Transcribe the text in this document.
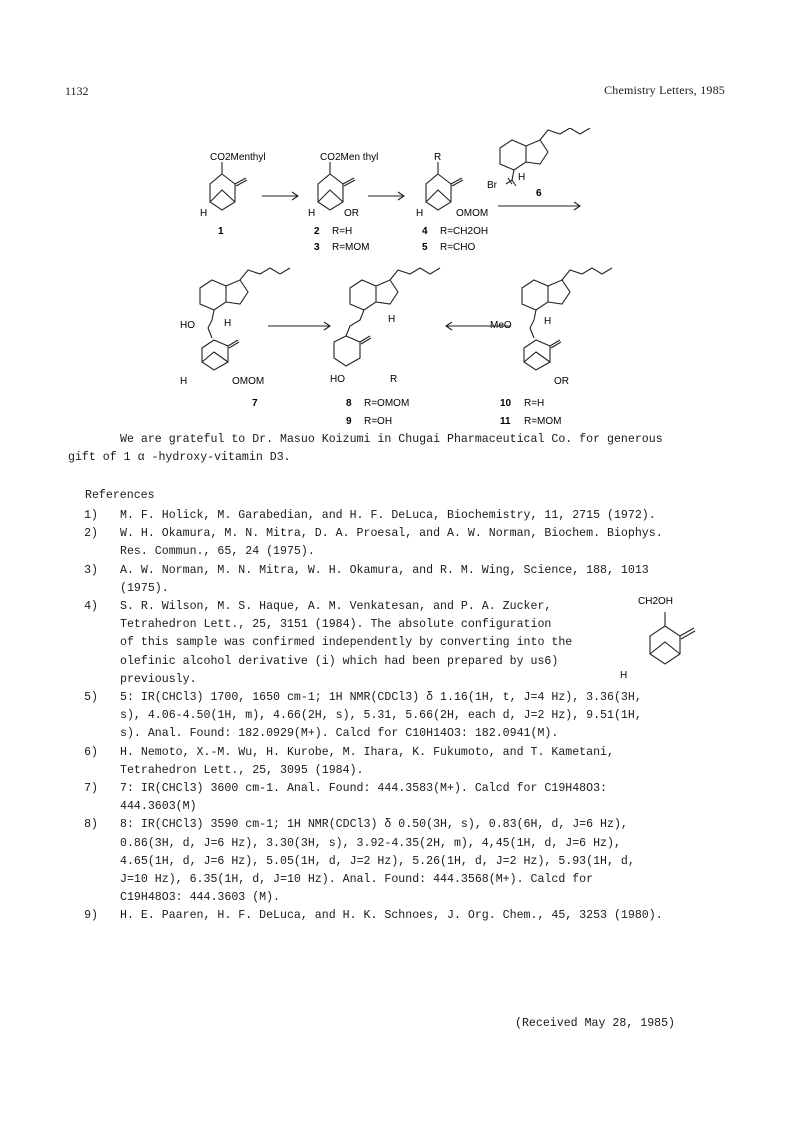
1132	Chemistry Letters, 1985
CO2Menthyl	CO2Men thyl	R
H	H	OR	H	OMOM
Br
H
1	2 R=H
3 R=MOM
4 R=CH2OH
5 R=CHO
6
HO	H
H	OMOM
7
H
HO	R
8 R=OMOM
9 R=OH
MeO	H
OR
10 R=H
11 R=MOM
We are grateful to Dr. Masuo Koizumi in Chugai Pharmaceutical Co. for generous
gift of 1 α -hydroxy-vitamin D3.
References
1) M. F. Holick, M. Garabedian, and H. F. DeLuca, Biochemistry, 11, 2715 (1972).
2) W. H. Okamura, M. N. Mitra, D. A. Proesal, and A. W. Norman, Biochem. Biophys.
Res. Commun., 65, 24 (1975).
3) A. W. Norman, M. N. Mitra, W. H. Okamura, and R. M. Wing, Science, 188, 1013
(1975).
4) S. R. Wilson, M. S. Haque, A. M. Venkatesan, and P. A. Zucker,
Tetrahedron Lett., 25, 3151 (1984). The absolute configuration
of this sample was confirmed independently by converting into the
olefinic alcohol derivative (i) which had been prepared by us6)
previously.
5) 5: IR(CHCl3) 1700, 1650 cm-1; 1H NMR(CDCl3) δ 1.16(1H, t, J=4 Hz), 3.36(3H,
s), 4.06-4.50(1H, m), 4.66(2H, s), 5.31, 5.66(2H, each d, J=2 Hz), 9.51(1H,
s). Anal. Found: 182.0929(M+). Calcd for C10H14O3: 182.0941(M).
6) H. Nemoto, X.-M. Wu, H. Kurobe, M. Ihara, K. Fukumoto, and T. Kametani,
Tetrahedron Lett., 25, 3095 (1984).
7) 7: IR(CHCl3) 3600 cm-1. Anal. Found: 444.3583(M+). Calcd for C19H48O3:
444.3603(M)
8) 8: IR(CHCl3) 3590 cm-1; 1H NMR(CDCl3) δ 0.50(3H, s), 0.83(6H, d, J=6 Hz),
0.86(3H, d, J=6 Hz), 3.30(3H, s), 3.92-4.35(2H, m), 4,45(1H, d, J=6 Hz),
4.65(1H, d, J=6 Hz), 5.05(1H, d, J=2 Hz), 5.26(1H, d, J=2 Hz), 5.93(1H, d,
J=10 Hz), 6.35(1H, d, J=10 Hz). Anal. Found: 444.3568(M+). Calcd for
C19H48O3: 444.3603 (M).
9) H. E. Paaren, H. F. DeLuca, and H. K. Schnoes, J. Org. Chem., 45, 3253 (1980).
CH2OH
H
(Received May 28, 1985)
